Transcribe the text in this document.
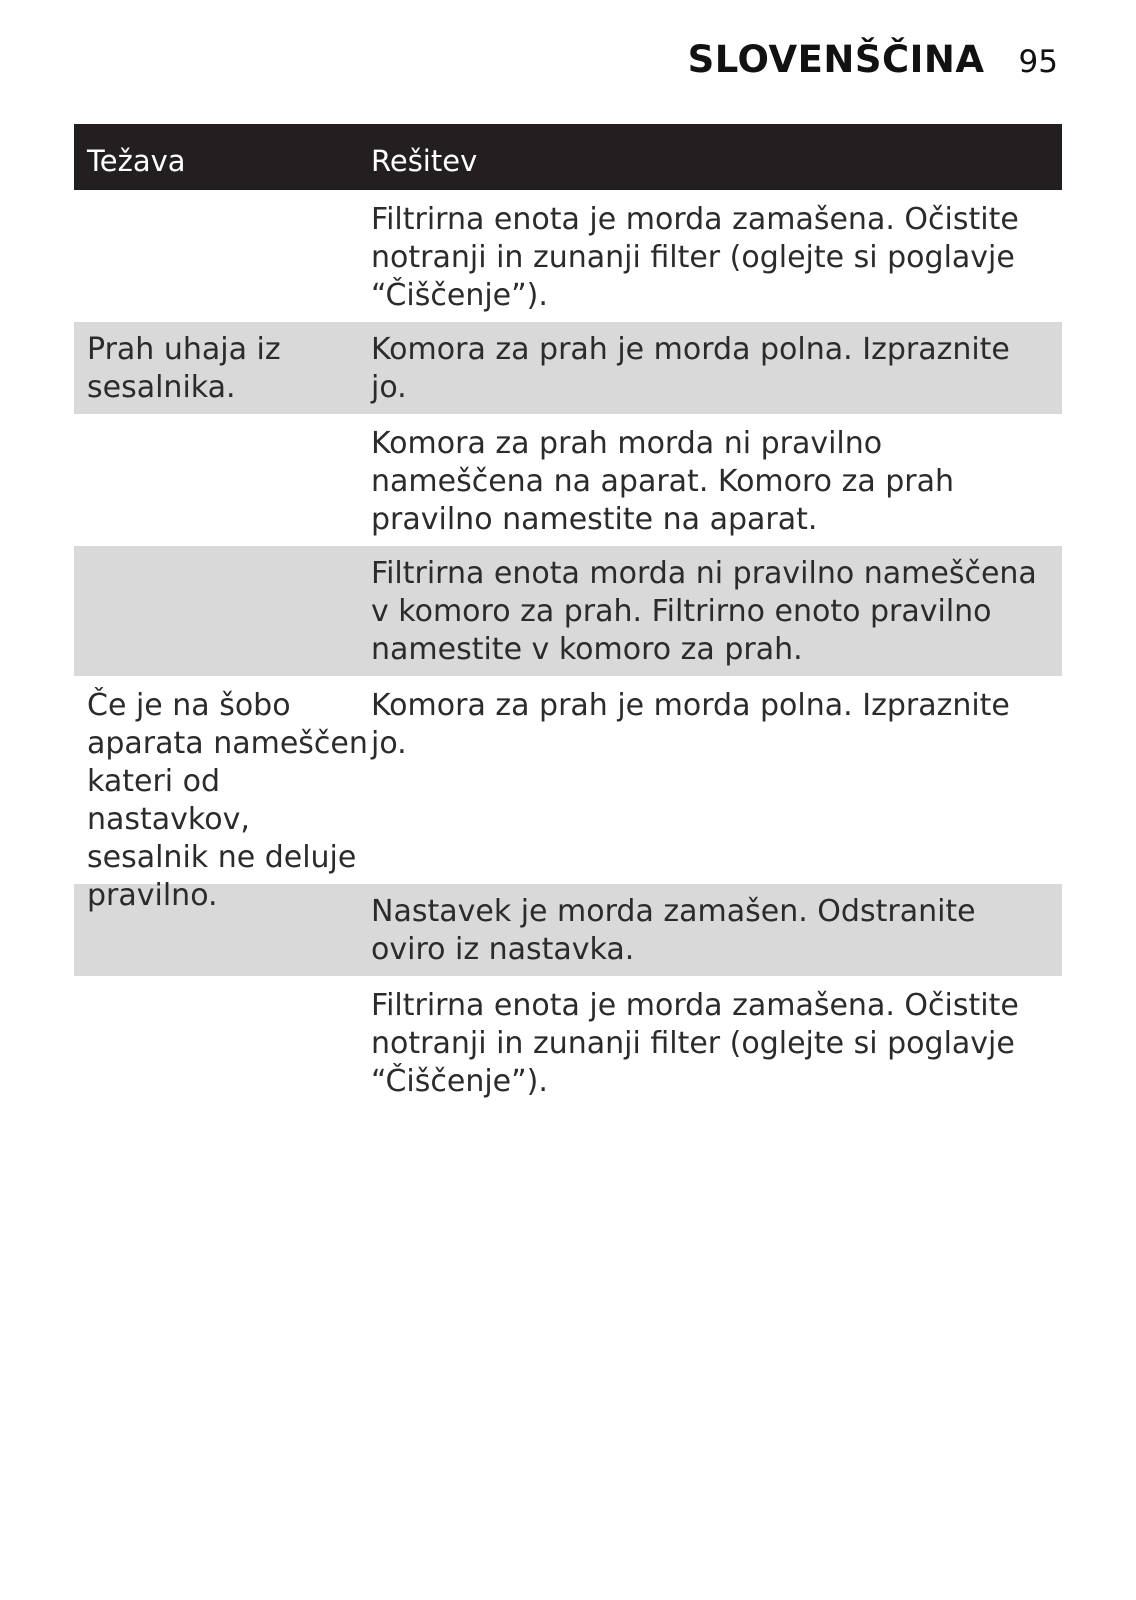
SLOVENŠČINA 95
Težava	Rešitev
Filtrirna enota je morda zamašena. Očistite notranji in zunanji filter (oglejte si poglavje “Čiščenje”).
Prah uhaja iz sesalnika.
Komora za prah je morda polna. Izpraznite jo.
Komora za prah morda ni pravilno nameščena na aparat. Komoro za prah pravilno namestite na aparat.
Filtrirna enota morda ni pravilno nameščena v komoro za prah. Filtrirno enoto pravilno namestite v komoro za prah.
Če je na šobo aparata nameščen kateri od nastavkov, sesalnik ne deluje pravilno.
Komora za prah je morda polna. Izpraznite jo.
Nastavek je morda zamašen. Odstranite oviro iz nastavka.
Filtrirna enota je morda zamašena. Očistite notranji in zunanji filter (oglejte si poglavje “Čiščenje”).
